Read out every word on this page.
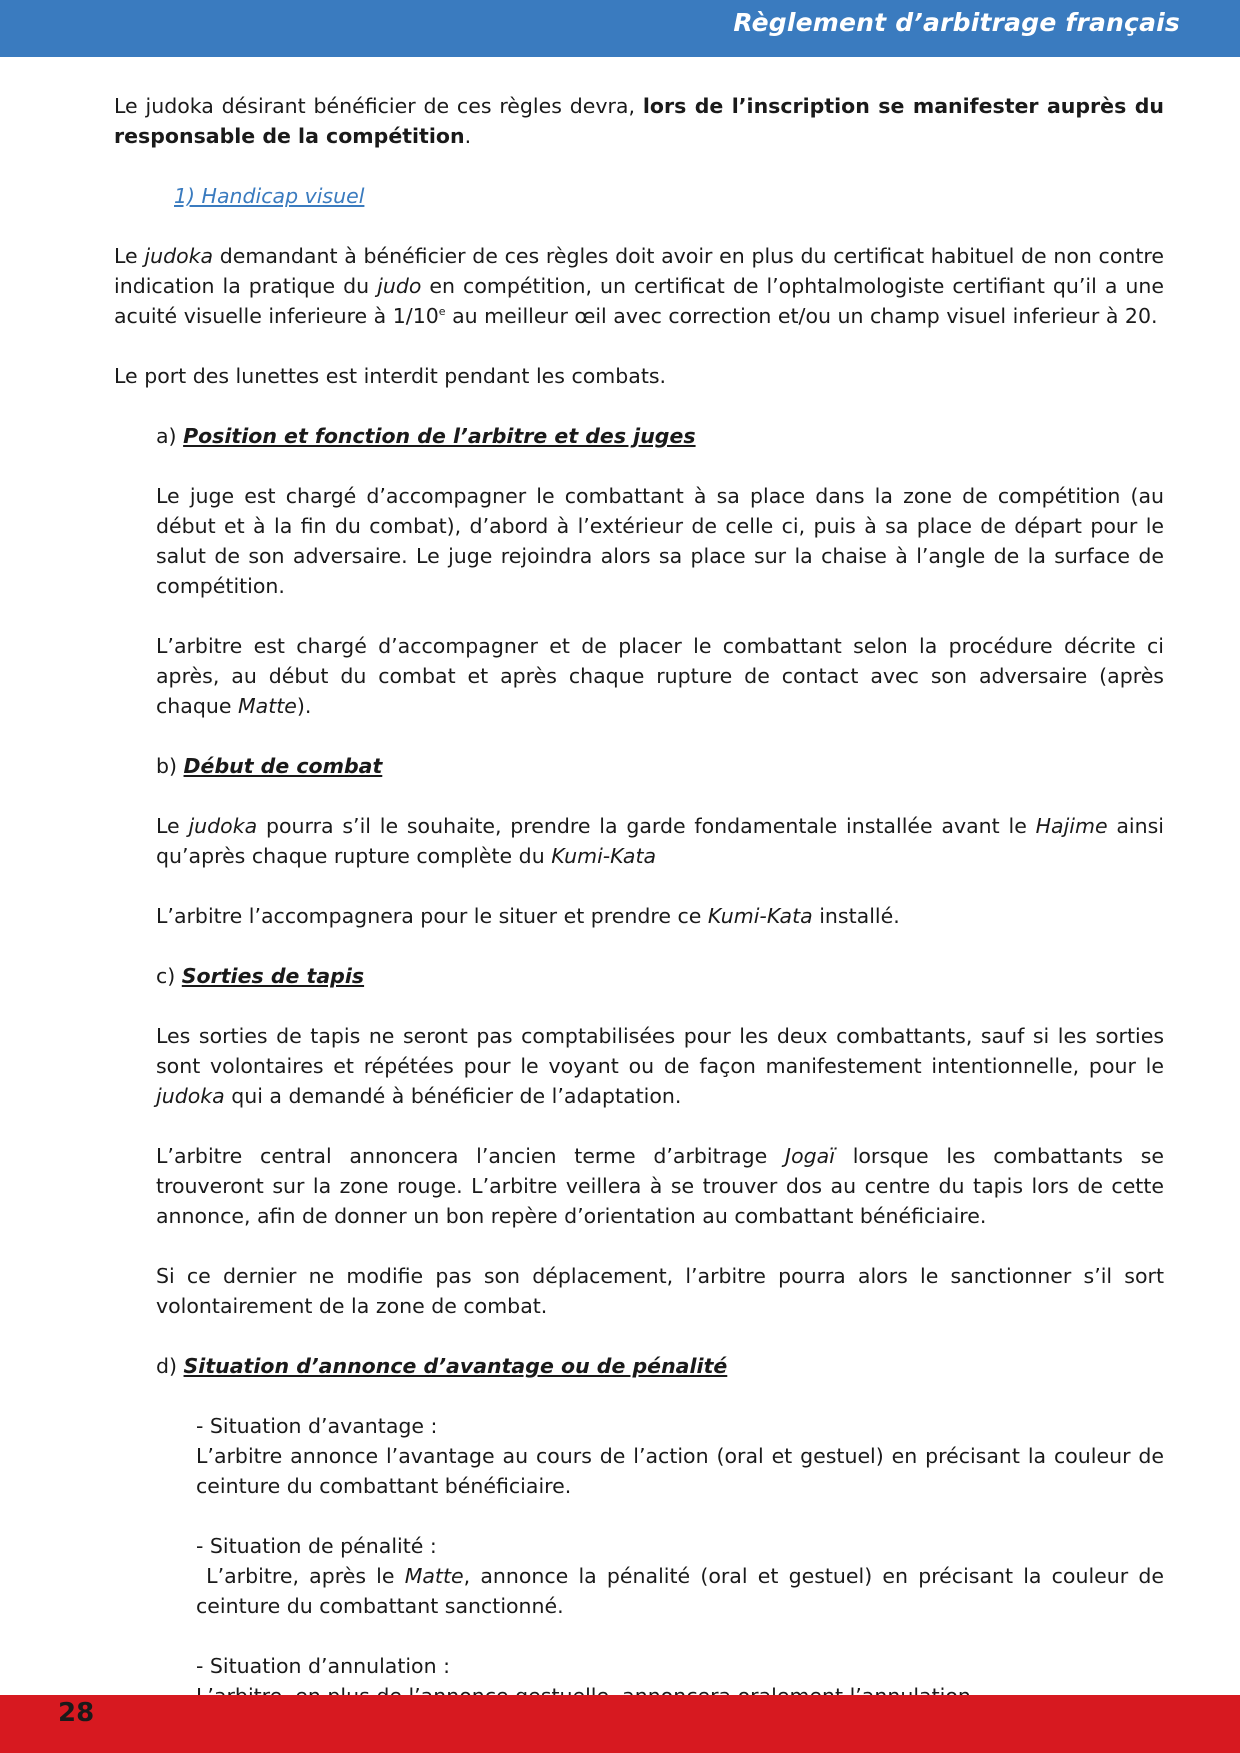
Règlement d’arbitrage français

Le judoka désirant bénéficier de ces règles devra, lors de l’inscription se manifester auprès du responsable de la compétition.

1) Handicap visuel

Le judoka demandant à bénéficier de ces règles doit avoir en plus du certificat habituel de non contre indication la pratique du judo en compétition, un certificat de l’ophtalmologiste certifiant qu’il a une acuité visuelle inferieure à 1/10e au meilleur œil avec correction et/ou un champ visuel inferieur à 20.

Le port des lunettes est interdit pendant les combats.

a) Position et fonction de l’arbitre et des juges

Le juge est chargé d’accompagner le combattant à sa place dans la zone de compétition (au début et à la fin du combat), d’abord à l’extérieur de celle ci, puis à sa place de départ pour le salut de son adversaire. Le juge rejoindra alors sa place sur la chaise à l’angle de la surface de compétition.

L’arbitre est chargé d’accompagner et de placer le combattant selon la procédure décrite ci après, au début du combat et après chaque rupture de contact avec son adversaire (après chaque Matte).

b) Début de combat

Le judoka pourra s’il le souhaite, prendre la garde fondamentale installée avant le Hajime ainsi qu’après chaque rupture complète du Kumi-Kata

L’arbitre l’accompagnera pour le situer et prendre ce Kumi-Kata installé.

c) Sorties de tapis

Les sorties de tapis ne seront pas comptabilisées pour les deux combattants, sauf si les sorties sont volontaires et répétées pour le voyant ou de façon manifestement intentionnelle, pour le judoka qui a demandé à bénéficier de l’adaptation.

L’arbitre central annoncera l’ancien terme d’arbitrage Jogaï lorsque les combattants se trouveront sur la zone rouge. L’arbitre veillera à se trouver dos au centre du tapis lors de cette annonce, afin de donner un bon repère d’orientation au combattant bénéficiaire.

Si ce dernier ne modifie pas son déplacement, l’arbitre pourra alors le sanctionner s’il sort volontairement de la zone de combat.

d) Situation d’annonce d’avantage ou de pénalité

- Situation d’avantage :

L’arbitre annonce l’avantage au cours de l’action (oral et gestuel) en précisant la couleur de ceinture du combattant bénéficiaire.

- Situation de pénalité :

L’arbitre, après le Matte, annonce la pénalité (oral et gestuel) en précisant la couleur de ceinture du combattant sanctionné.

- Situation d’annulation :

28
